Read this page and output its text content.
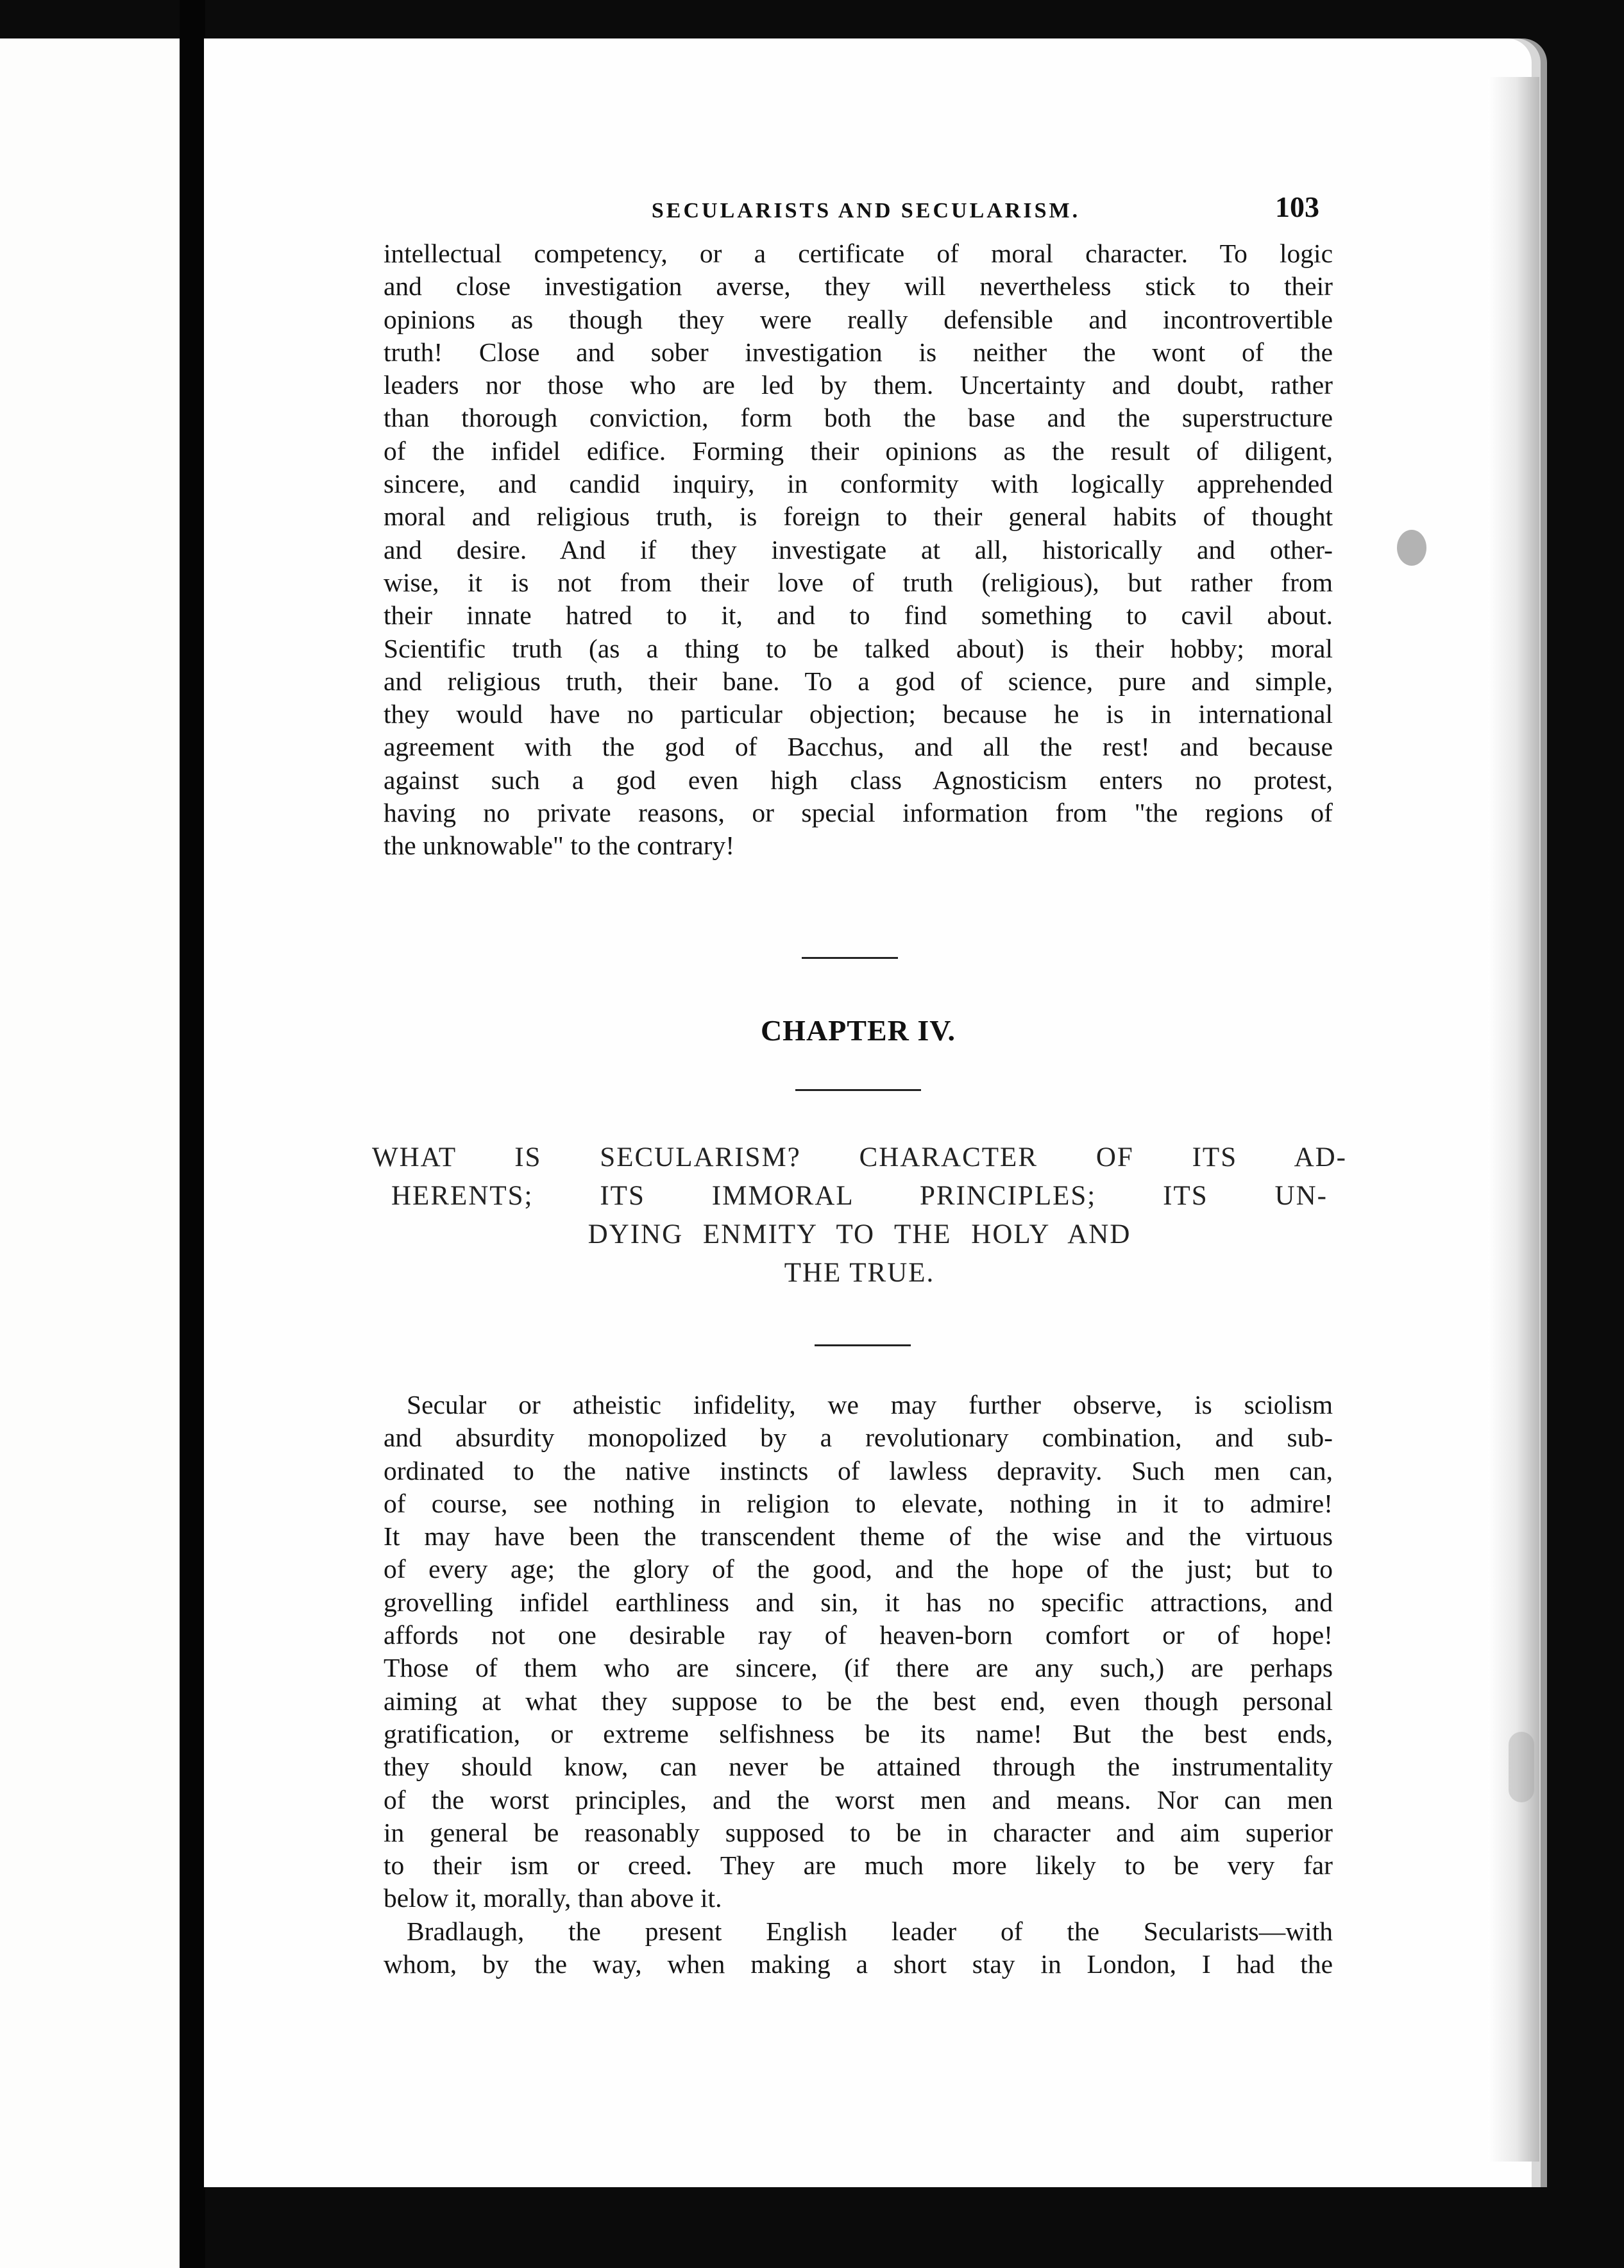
SECULARISTS AND SECULARISM.	103
intellectual competency, or a certificate of moral character. To logic
and close investigation averse, they will nevertheless stick to their
opinions as though they were really defensible and incontrovertible
truth! Close and sober investigation is neither the wont of the
leaders nor those who are led by them. Uncertainty and doubt, rather
than thorough conviction, form both the base and the superstructure
of the infidel edifice. Forming their opinions as the result of diligent,
sincere, and candid inquiry, in conformity with logically apprehended
moral and religious truth, is foreign to their general habits of thought
and desire. And if they investigate at all, historically and other-
wise, it is not from their love of truth (religious), but rather from
their innate hatred to it, and to find something to cavil about.
Scientific truth (as a thing to be talked about) is their hobby; moral
and religious truth, their bane. To a god of science, pure and simple,
they would have no particular objection; because he is in international
agreement with the god of Bacchus, and all the rest! and because
against such a god even high class Agnosticism enters no protest,
having no private reasons, or special information from "the regions of
the unknowable" to the contrary!
CHAPTER IV.
WHAT IS SECULARISM? CHARACTER OF ITS AD-
HERENTS; ITS IMMORAL PRINCIPLES; ITS UN-
DYING ENMITY TO THE HOLY AND
THE TRUE.
Secular or atheistic infidelity, we may further observe, is sciolism
and absurdity monopolized by a revolutionary combination, and sub-
ordinated to the native instincts of lawless depravity. Such men can,
of course, see nothing in religion to elevate, nothing in it to admire!
It may have been the transcendent theme of the wise and the virtuous
of every age; the glory of the good, and the hope of the just; but to
grovelling infidel earthliness and sin, it has no specific attractions, and
affords not one desirable ray of heaven-born comfort or of hope!
Those of them who are sincere, (if there are any such,) are perhaps
aiming at what they suppose to be the best end, even though personal
gratification, or extreme selfishness be its name! But the best ends,
they should know, can never be attained through the instrumentality
of the worst principles, and the worst men and means. Nor can men
in general be reasonably supposed to be in character and aim superior
to their ism or creed. They are much more likely to be very far
below it, morally, than above it.
Bradlaugh, the present English leader of the Secularists—with
whom, by the way, when making a short stay in London, I had the
